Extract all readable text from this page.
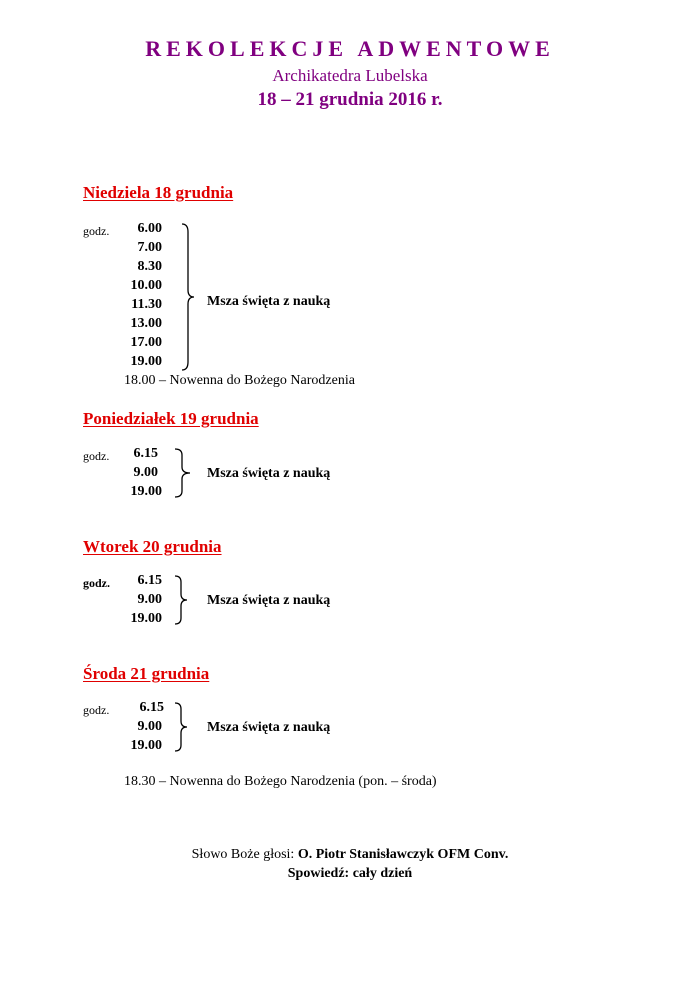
REKOLEKCJE ADWENTOWE
Archikatedra Lubelska
18 – 21 grudnia 2016 r.
Niedziela 18 grudnia
godz.	6.00
7.00
8.30
10.00
11.30
13.00
17.00
19.00
Msza święta z nauką
18.00 – Nowenna do Bożego Narodzenia
Poniedziałek 19 grudnia
godz.	6.15
9.00
19.00
Msza święta z nauką
Wtorek 20 grudnia
godz.	6.15
9.00
19.00
Msza święta z nauką
Środa 21 grudnia
godz.	6.15
9.00
19.00
Msza święta z nauką
18.30 – Nowenna do Bożego Narodzenia (pon. – środa)
Słowo Boże głosi: O. Piotr Stanisławczyk OFM Conv.
Spowiedź: cały dzień
